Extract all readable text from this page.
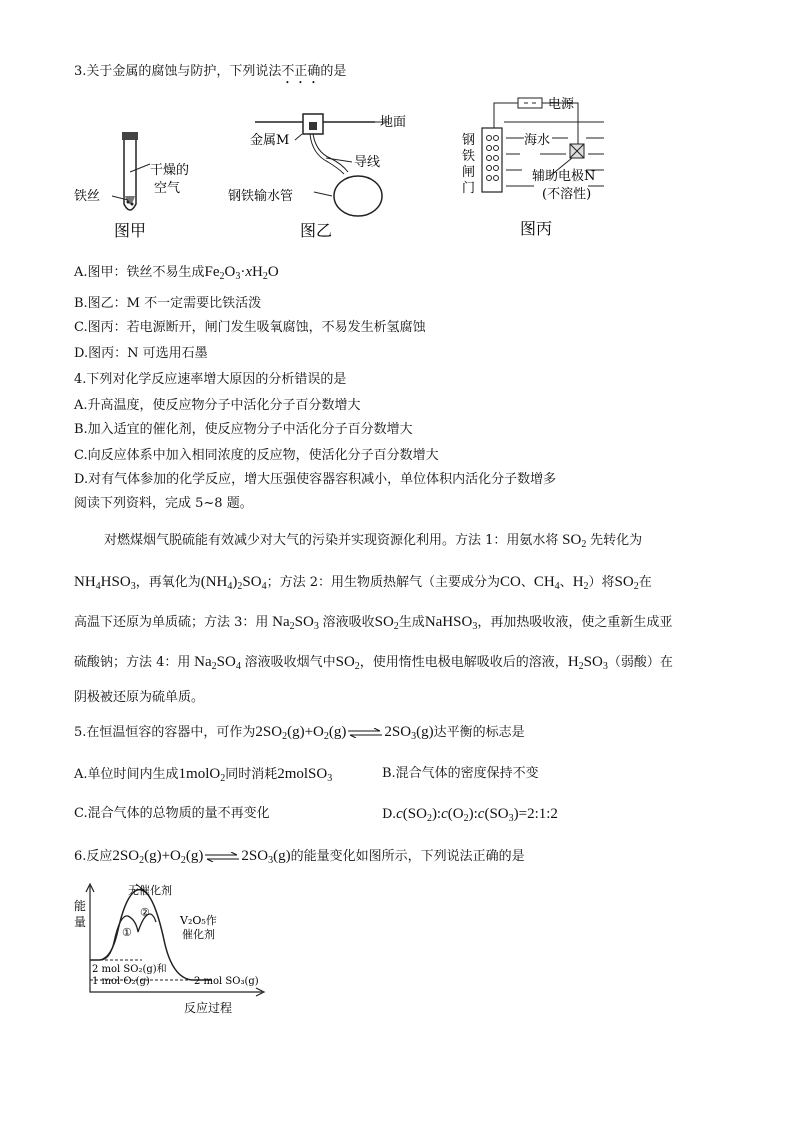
3.关于金属的腐蚀与防护，下列说法不正确的是
干燥的
空气
铁丝
图甲
地面
金属M
导线
钢铁输水管
图乙
电源
海水
辅助电极N
(不溶性)
钢
铁
闸
门
图丙
A.图甲：铁丝不易生成$Fe_2O_3\cdot xH_2O$
B.图乙：M 不一定需要比铁活泼
C.图丙：若电源断开，闸门发生吸氧腐蚀，不易发生析氢腐蚀
D.图丙：N 可选用石墨
4.下列对化学反应速率增大原因的分析错误的是
A.升高温度，使反应物分子中活化分子百分数增大
B.加入适宜的催化剂，使反应物分子中活化分子百分数增大
C.向反应体系中加入相同浓度的反应物，使活化分子百分数增大
D.对有气体参加的化学反应，增大压强使容器容积减小，单位体积内活化分子数增多
阅读下列资料，完成 5~8 题。
对燃煤烟气脱硫能有效减少对大气的污染并实现资源化利用。方法 1：用氨水将 $SO_2$ 先转化为
$NH_4HSO_3$，再氧化为$(NH_4)_2SO_4$；方法 2：用生物质热解气（主要成分为CO、$CH_4$、$H_2$）将$SO_2$在
高温下还原为单质硫；方法 3：用 $Na_2SO_3$ 溶液吸收$SO_2$生成NaHSO$_3$，再加热吸收液，使之重新生成亚
硫酸钠；方法 4：用 $Na_2SO_4$ 溶液吸收烟气中$SO_2$，使用惰性电极电解吸收后的溶液，$H_2SO_3$（弱酸）在
阴极被还原为硫单质。
5.在恒温恒容的容器中，可作为$2SO_2(g)+O_2(g)$ ⇌ $2SO_3(g)$达平衡的标志是
A.单位时间内生成1molO$_2$同时消耗2molSO$_3$	B.混合气体的密度保持不变
C.混合气体的总物质的量不再变化	$D.c(SO_2):c(O_2):c(SO_3)=2:1:2$
6.反应$2SO_2(g)+O_2(g)$ ⇌ $2SO_3(g)$的能量变化如图所示，下列说法正确的是
能
量
反应过程
无催化剂
②
①
V₂O₅作
催化剂
2 mol SO₂(g)和
1 mol O₂(g)	2 mol SO₃(g)
